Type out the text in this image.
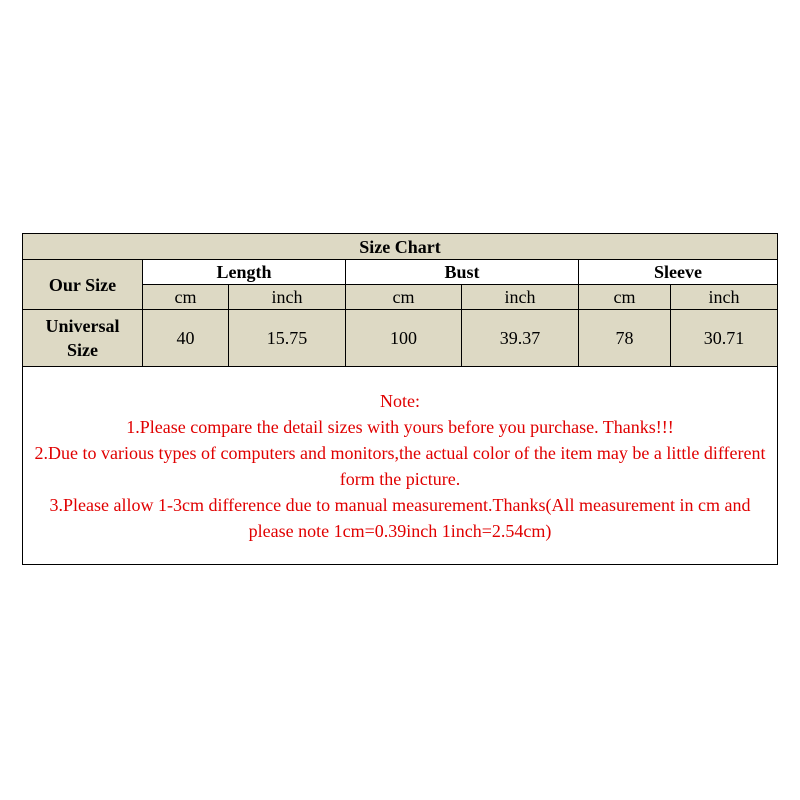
Size Chart						
Our Size	Length		Bust		Sleeve	
	cm	inch	cm	inch	cm	inch

Universal
Size	40	15.75	100	39.37	78	30.71

Note:
1.Please compare the detail sizes with yours before you purchase. Thanks!!!
2.Due to various types of computers and monitors,the actual color of the item may be a little different form the picture.
3.Please allow 1-3cm difference due to manual measurement.Thanks(All measurement in cm and please note 1cm=0.39inch 1inch=2.54cm)						
